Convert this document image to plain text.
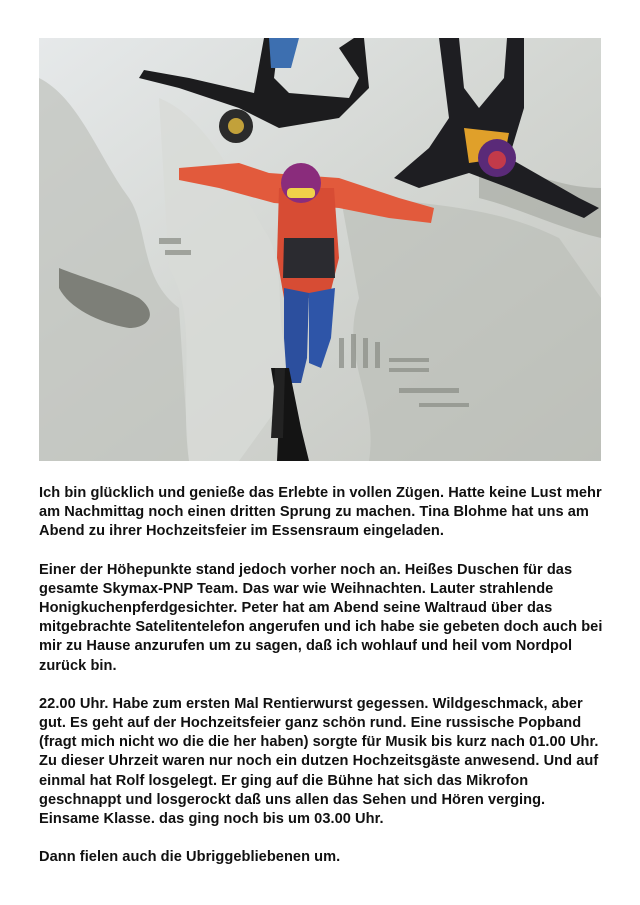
Ich bin glücklich und genieße das Erlebte in vollen Zügen. Hatte keine Lust mehr am Nachmittag noch einen dritten Sprung zu machen. Tina Blohme hat uns am Abend zu ihrer Hochzeitsfeier im Essensraum eingeladen.

Einer der Höhepunkte stand jedoch vorher noch an. Heißes Duschen für das gesamte Skymax-PNP Team. Das war wie Weihnachten. Lauter strahlende Honigkuchenpferdgesichter. Peter hat am Abend seine Waltraud über das mitgebrachte Satelitentelefon angerufen und ich habe sie gebeten doch auch bei mir zu Hause anzurufen um zu sagen, daß ich wohlauf und heil vom Nordpol zurück bin.

22.00 Uhr. Habe zum ersten Mal Rentierwurst gegessen. Wildgeschmack, aber gut. Es geht auf der Hochzeitsfeier ganz schön rund. Eine russische Popband (fragt mich nicht wo die die her haben) sorgte für Musik bis kurz nach 01.00 Uhr. Zu dieser Uhrzeit waren nur noch ein dutzen Hochzeitsgäste anwesend. Und auf einmal hat Rolf losgelegt. Er ging auf die Bühne hat sich das Mikrofon geschnappt und losgerockt daß uns allen das Sehen und Hören verging. Einsame Klasse. das ging noch bis um 03.00 Uhr.

Dann fielen auch die Ubriggebliebenen um.
